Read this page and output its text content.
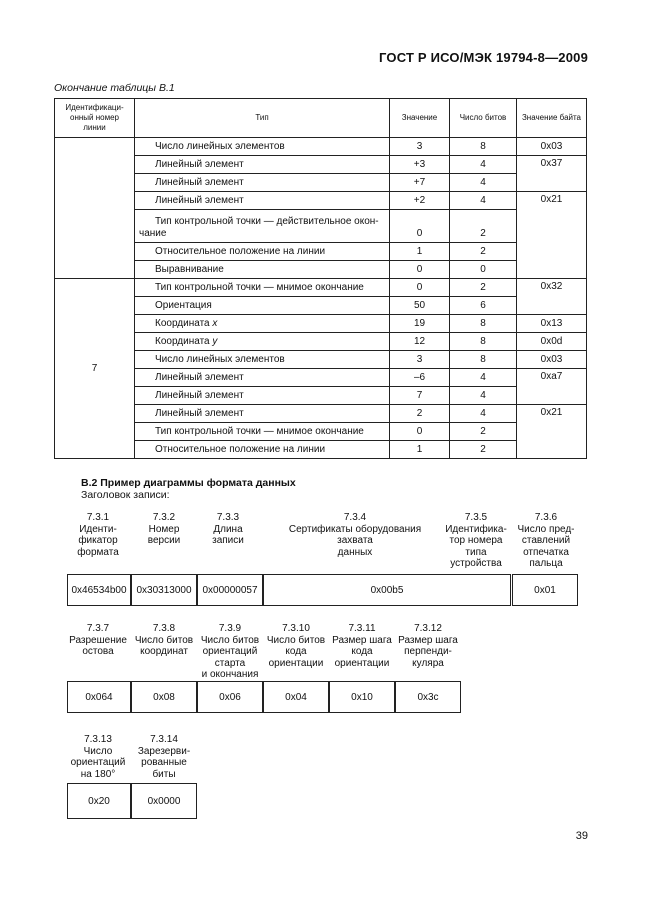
ГОСТ Р ИСО/МЭК 19794-8—2009
Окончание таблицы B.1
Идентификационный номер линии	Тип	Значение	Число битов	Значение байта
	Число линейных элементов	3	8	0x03
	Линейный элемент	+3	4	0x37
	Линейный элемент	+7	4	
	Линейный элемент	+2	4	0x21
	Тип контрольной точки — действительное окон-
чание	0	2	
	Относительное положение на линии	1	2	
	Выравнивание	0	0	
7	Тип контрольной точки — мнимое окончание	0	2	0x32
	Ориентация	50	6	
	Координата x	19	8	0x13
	Координата y	12	8	0x0d
	Число линейных элементов	3	8	0x03
	Линейный элемент	–6	4	0xa7
	Линейный элемент	7	4	
	Линейный элемент	2	4	0x21
	Тип контрольной точки — мнимое окончание	0	2	
	Относительное положение на линии	1	2	
B.2 Пример диаграммы формата данных
Заголовок записи:
7.3.1
Иденти-
фикатор
формата
7.3.2
Номер
версии
7.3.3
Длина
записи
7.3.4
Сертификаты оборудования
захвата
данных
7.3.5
Идентифика-
тор номера
типа
устройства
7.3.6
Число пред-
ставлений
отпечатка
пальца
0x46534b00 0x30313000	0x00000057	0x00b5	0x01
7.3.7
Разрешение
остова
7.3.8
Число битов
координат
7.3.9
Число битов
ориентаций
старта
и окончания
7.3.10
Число битов
кода
ориентации
7.3.11
Размер шага
кода
ориентации
7.3.12
Размер шага
перпенди-
куляра
0x064	0x08	0x06	0x04	0x10	0x3c
7.3.13
Число
ориентаций
на 180°
7.3.14
Зарезерви-
рованные
биты
0x20	0x0000
39
